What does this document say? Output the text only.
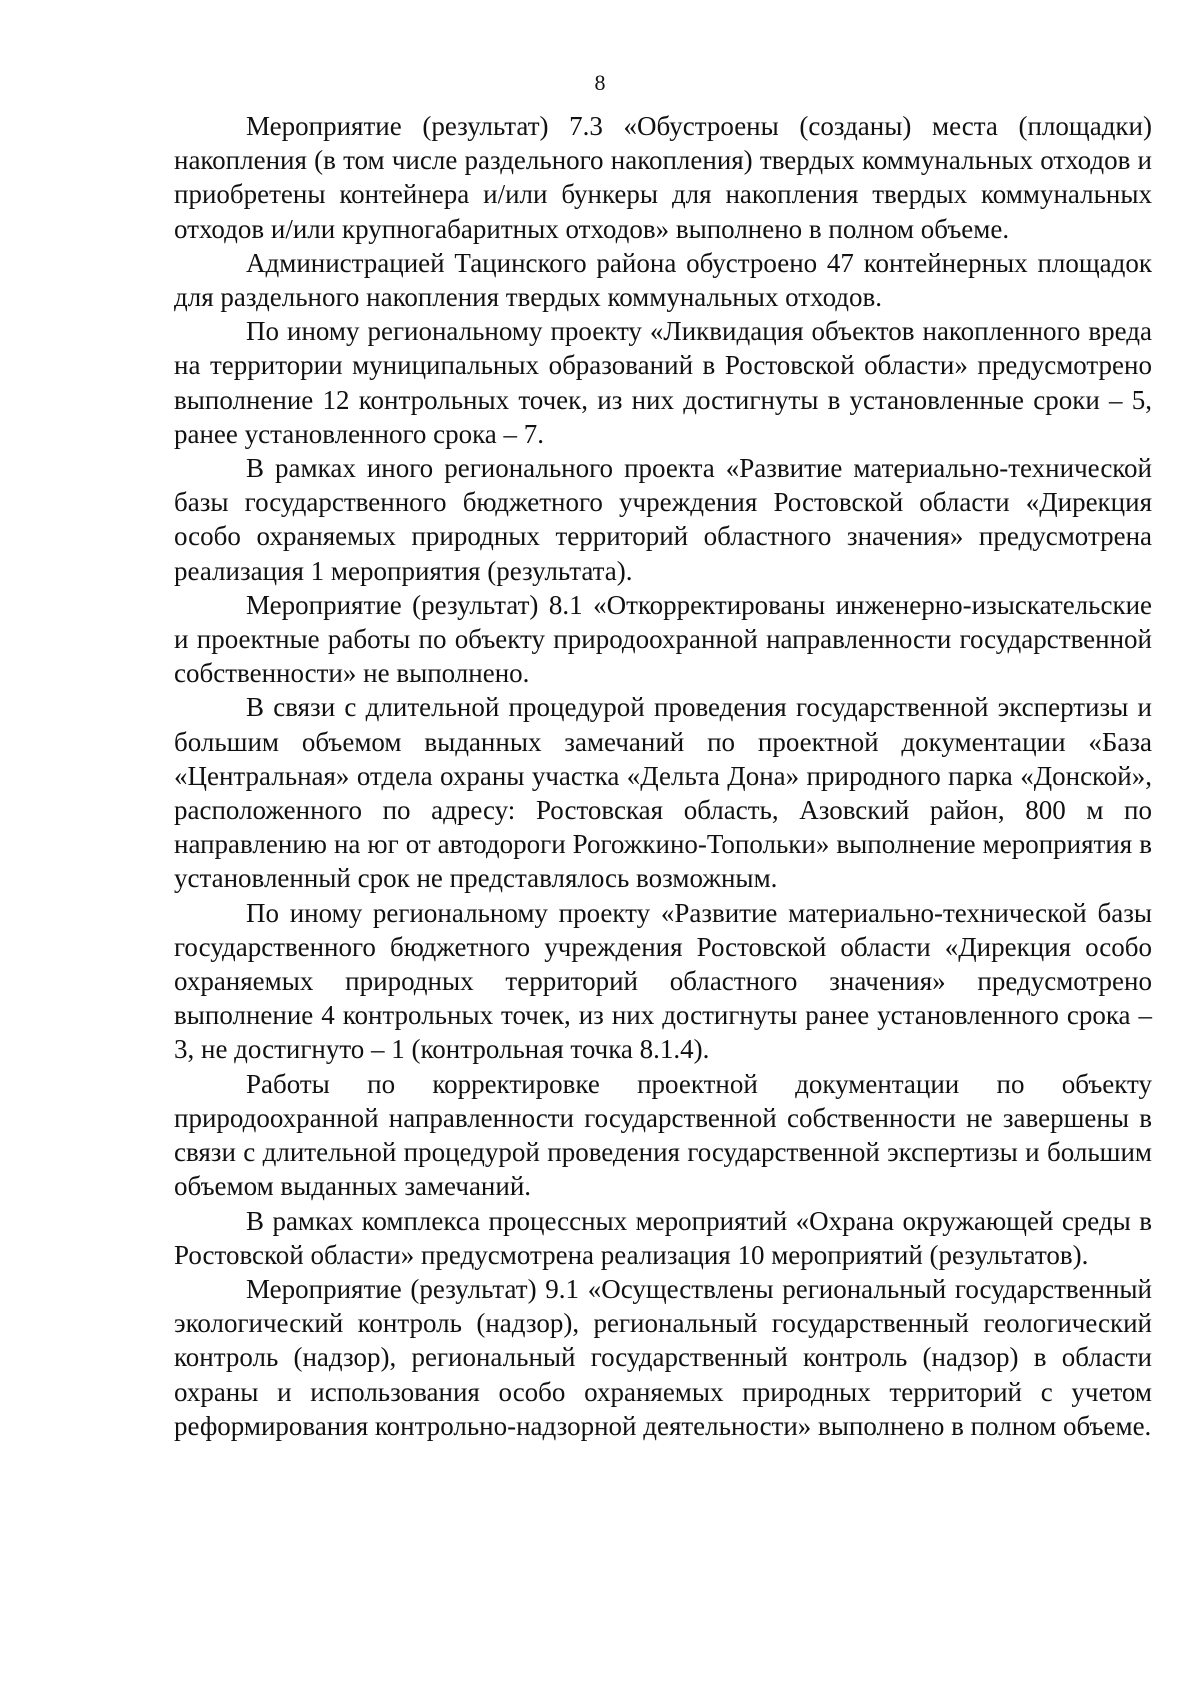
8

Мероприятие (результат) 7.3 «Обустроены (созданы) места (площадки) накопления (в том числе раздельного накопления) твердых коммунальных отходов и приобретены контейнера и/или бункеры для накопления твердых коммунальных отходов и/или крупногабаритных отходов» выполнено в полном объеме.

Администрацией Тацинского района обустроено 47 контейнерных площадок для раздельного накопления твердых коммунальных отходов.

По иному региональному проекту «Ликвидация объектов накопленного вреда на территории муниципальных образований в Ростовской области» предусмотрено выполнение 12 контрольных точек, из них достигнуты в установленные сроки – 5, ранее установленного срока – 7.

В рамках иного регионального проекта «Развитие материально-технической базы государственного бюджетного учреждения Ростовской области «Дирекция особо охраняемых природных территорий областного значения» предусмотрена реализация 1 мероприятия (результата).

Мероприятие (результат) 8.1 «Откорректированы инженерно-изыскательские и проектные работы по объекту природоохранной направленности государственной собственности» не выполнено.

В связи с длительной процедурой проведения государственной экспертизы и большим объемом выданных замечаний по проектной документации «База «Центральная» отдела охраны участка «Дельта Дона» природного парка «Донской», расположенного по адресу: Ростовская область, Азовский район, 800 м по направлению на юг от автодороги Рогожкино-Топольки» выполнение мероприятия в установленный срок не представлялось возможным.

По иному региональному проекту «Развитие материально-технической базы государственного бюджетного учреждения Ростовской области «Дирекция особо охраняемых природных территорий областного значения» предусмотрено выполнение 4 контрольных точек, из них достигнуты ранее установленного срока – 3, не достигнуто – 1 (контрольная точка 8.1.4).

Работы по корректировке проектной документации по объекту природоохранной направленности государственной собственности не завершены в связи с длительной процедурой проведения государственной экспертизы и большим объемом выданных замечаний.

В рамках комплекса процессных мероприятий «Охрана окружающей среды в Ростовской области» предусмотрена реализация 10 мероприятий (результатов).

Мероприятие (результат) 9.1 «Осуществлены региональный государственный экологический контроль (надзор), региональный государственный геологический контроль (надзор), региональный государственный контроль (надзор) в области охраны и использования особо охраняемых природных территорий с учетом реформирования контрольно-надзорной деятельности» выполнено в полном объеме.
